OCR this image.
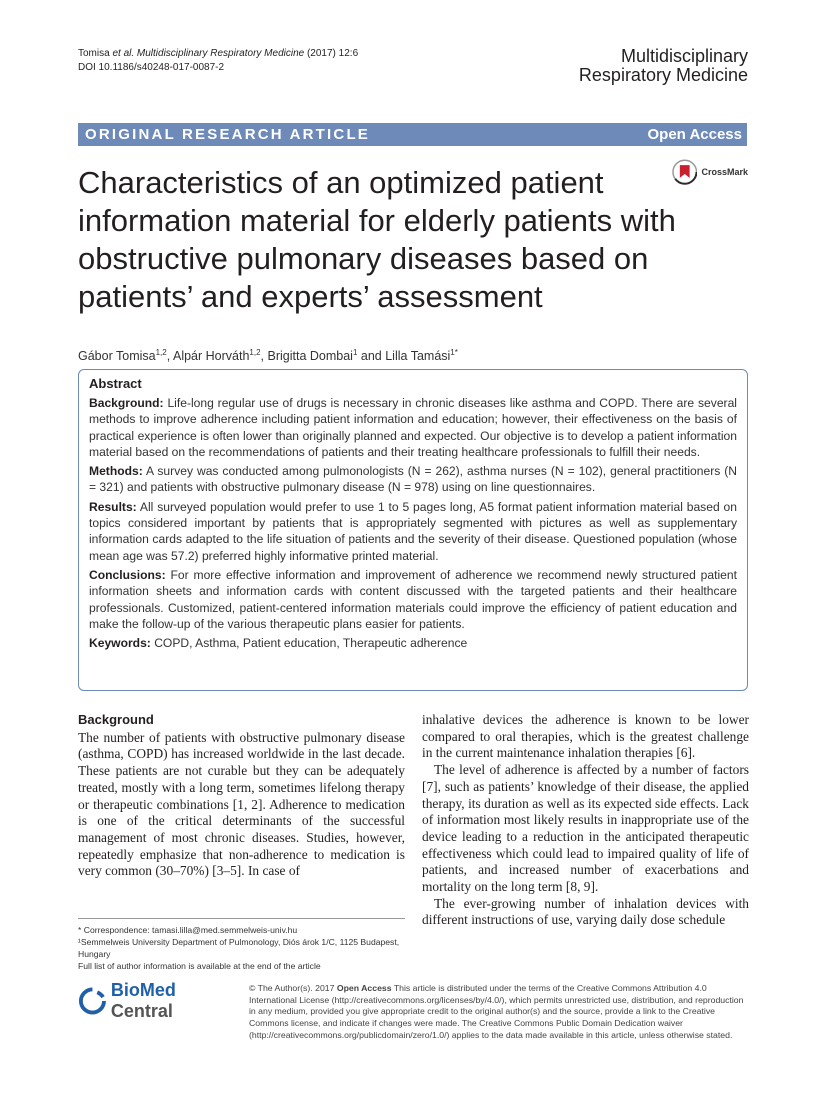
Tomisa et al. Multidisciplinary Respiratory Medicine (2017) 12:6
DOI 10.1186/s40248-017-0087-2
Multidisciplinary
Respiratory Medicine
ORIGINAL RESEARCH ARTICLE	Open Access
Characteristics of an optimized patient information material for elderly patients with obstructive pulmonary diseases based on patients’ and experts’ assessment
CrossMark
Gábor Tomisa$^{1,2}$, Alpár Horváth$^{1,2}$, Brigitta Dombai$^1$ and Lilla Tamási$^{1*}$
Abstract

Background: Life-long regular use of drugs is necessary in chronic diseases like asthma and COPD. There are several methods to improve adherence including patient information and education; however, their effectiveness on the basis of practical experience is often lower than originally planned and expected. Our objective is to develop a patient information material based on the recommendations of patients and their treating healthcare professionals to fulfill their needs.

Methods: A survey was conducted among pulmonologists (N = 262), asthma nurses (N = 102), general practitioners (N = 321) and patients with obstructive pulmonary disease (N = 978) using on line questionnaires.

Results: All surveyed population would prefer to use 1 to 5 pages long, A5 format patient information material based on topics considered important by patients that is appropriately segmented with pictures as well as supplementary information cards adapted to the life situation of patients and the severity of their disease. Questioned population (whose mean age was 57.2) preferred highly informative printed material.

Conclusions: For more effective information and improvement of adherence we recommend newly structured patient information sheets and information cards with content discussed with the targeted patients and their healthcare professionals. Customized, patient-centered information materials could improve the efficiency of patient education and make the follow-up of the various therapeutic plans easier for patients.

Keywords: COPD, Asthma, Patient education, Therapeutic adherence

Background

The number of patients with obstructive pulmonary disease (asthma, COPD) has increased worldwide in the last decade. These patients are not curable but they can be adequately treated, mostly with a long term, sometimes lifelong therapy or therapeutic combinations [1, 2]. Adherence to medication is one of the critical determinants of the successful management of most chronic diseases. Studies, however, repeatedly emphasize that non-adherence to medication is very common (30–70%) [3–5]. In case of

inhalative devices the adherence is known to be lower compared to oral therapies, which is the greatest challenge in the current maintenance inhalation therapies [6].

The level of adherence is affected by a number of factors [7], such as patients’ knowledge of their disease, the applied therapy, its duration as well as its expected side effects. Lack of information most likely results in inappropriate use of the device leading to a reduction in the anticipated therapeutic effectiveness which could lead to impaired quality of life of patients, and increased number of exacerbations and mortality on the long term [8, 9].

The ever-growing number of inhalation devices with different instructions of use, varying daily dose schedule

* Correspondence: tamasi.lilla@med.semmelweis-univ.hu
¹Semmelweis University Department of Pulmonology, Diós árok 1/C, 1125 Budapest, Hungary
Full list of author information is available at the end of the article
BioMed Central
© The Author(s). 2017 Open Access This article is distributed under the terms of the Creative Commons Attribution 4.0 International License (http://creativecommons.org/licenses/by/4.0/), which permits unrestricted use, distribution, and reproduction in any medium, provided you give appropriate credit to the original author(s) and the source, provide a link to the Creative Commons license, and indicate if changes were made. The Creative Commons Public Domain Dedication waiver (http://creativecommons.org/publicdomain/zero/1.0/) applies to the data made available in this article, unless otherwise stated.
